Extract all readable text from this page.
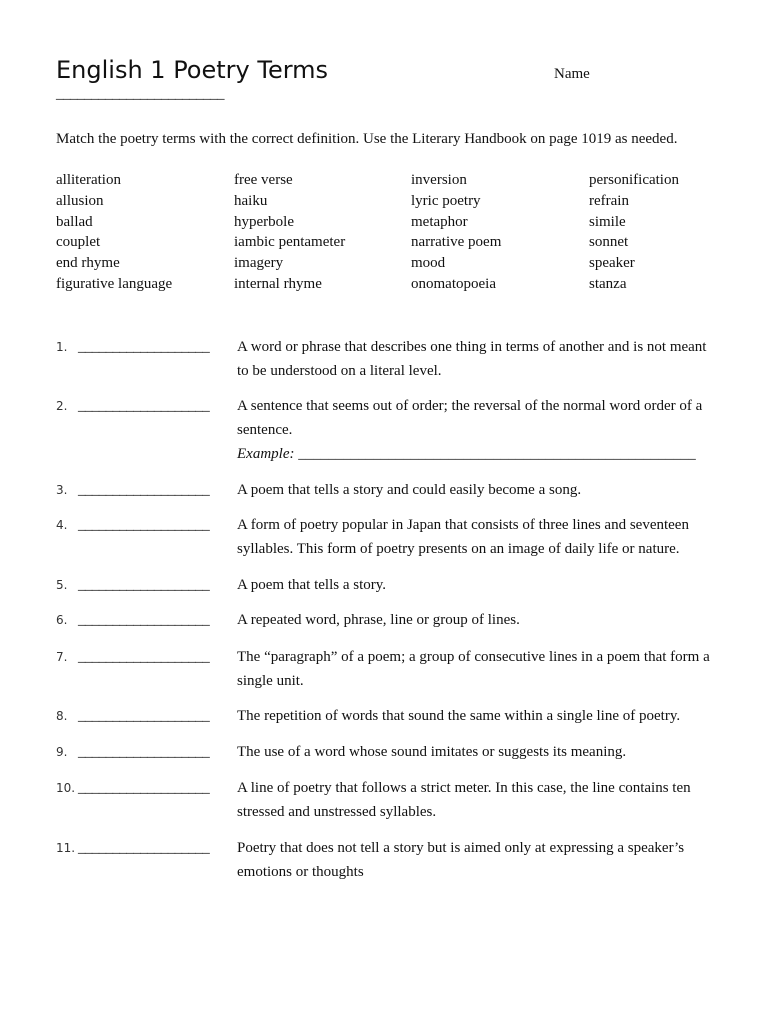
English 1 Poetry Terms	Name
________________________
Match the poetry terms with the correct definition. Use the Literary Handbook on page 1019 as needed.
alliteration
allusion
ballad
couplet
end rhyme
figurative language
free verse
haiku
hyperbole
iambic pentameter
imagery
internal rhyme
inversion
lyric poetry
metaphor
narrative poem
mood
onomatopoeia
personification
refrain
simile
sonnet
speaker
stanza
1. ___________________ A word or phrase that describes one thing in terms of another and is not meant to be understood on a literal level.
2. ___________________ A sentence that seems out of order; the reversal of the normal word order of a sentence.
Example: _____________________________________________________
3. ___________________ A poem that tells a story and could easily become a song.
4. ___________________ A form of poetry popular in Japan that consists of three lines and seventeen syllables. This form of poetry presents on an image of daily life or nature.
5. ___________________ A poem that tells a story.
6. ___________________ A repeated word, phrase, line or group of lines.
7. ___________________ The “paragraph” of a poem; a group of consecutive lines in a poem that form a single unit.
8. ___________________ The repetition of words that sound the same within a single line of poetry.
9. ___________________ The use of a word whose sound imitates or suggests its meaning.
10. ___________________ A line of poetry that follows a strict meter. In this case, the line contains ten stressed and unstressed syllables.
11. ___________________ Poetry that does not tell a story but is aimed only at expressing a speaker’s emotions or thoughts
